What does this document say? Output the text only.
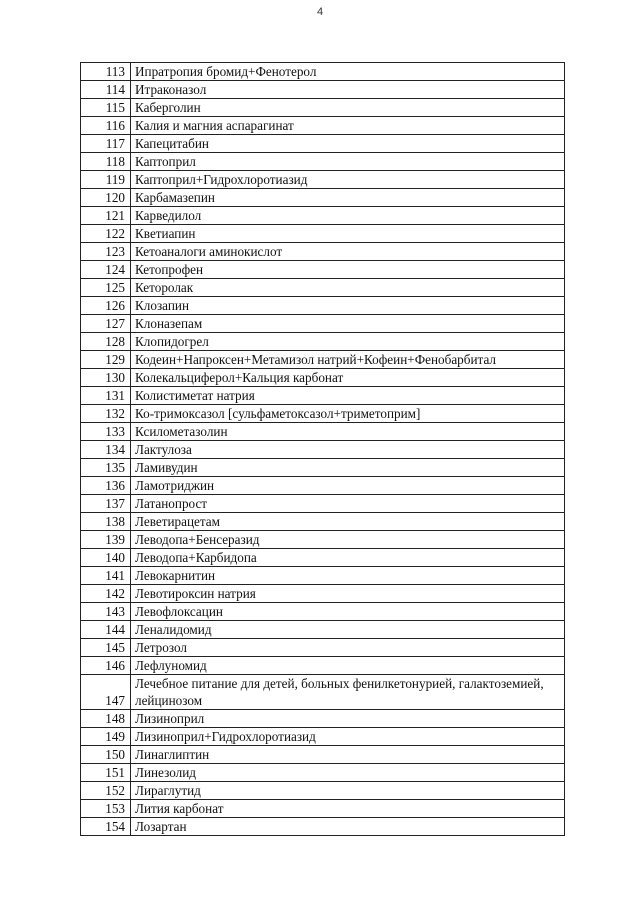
4
113	Ипратропия бромид+Фенотерол
114	Итраконазол
115	Каберголин
116	Калия и магния аспарагинат
117	Капецитабин
118	Каптоприл
119	Каптоприл+Гидрохлоротиазид
120	Карбамазепин
121	Карведилол
122	Кветиапин
123	Кетоаналоги аминокислот
124	Кетопрофен
125	Кеторолак
126	Клозапин
127	Клоназепам
128	Клопидогрел
129	Кодеин+Напроксен+Метамизол натрий+Кофеин+Фенобарбитал
130	Колекальциферол+Кальция карбонат
131	Колистиметат натрия
132	Ко-тримоксазол [сульфаметоксазол+триметоприм]
133	Ксилометазолин
134	Лактулоза
135	Ламивудин
136	Ламотриджин
137	Латанопрост
138	Леветирацетам
139	Леводопа+Бенсеразид
140	Леводопа+Карбидопа
141	Левокарнитин
142	Левотироксин натрия
143	Левофлоксацин
144	Леналидомид
145	Летрозол
146	Лефлуномид
147	Лечебное питание для детей, больных фенилкетонурией, галактоземией, лейцинозом
148	Лизиноприл
149	Лизиноприл+Гидрохлоротиазид
150	Линаглиптин
151	Линезолид
152	Лираглутид
153	Лития карбонат
154	Лозартан
